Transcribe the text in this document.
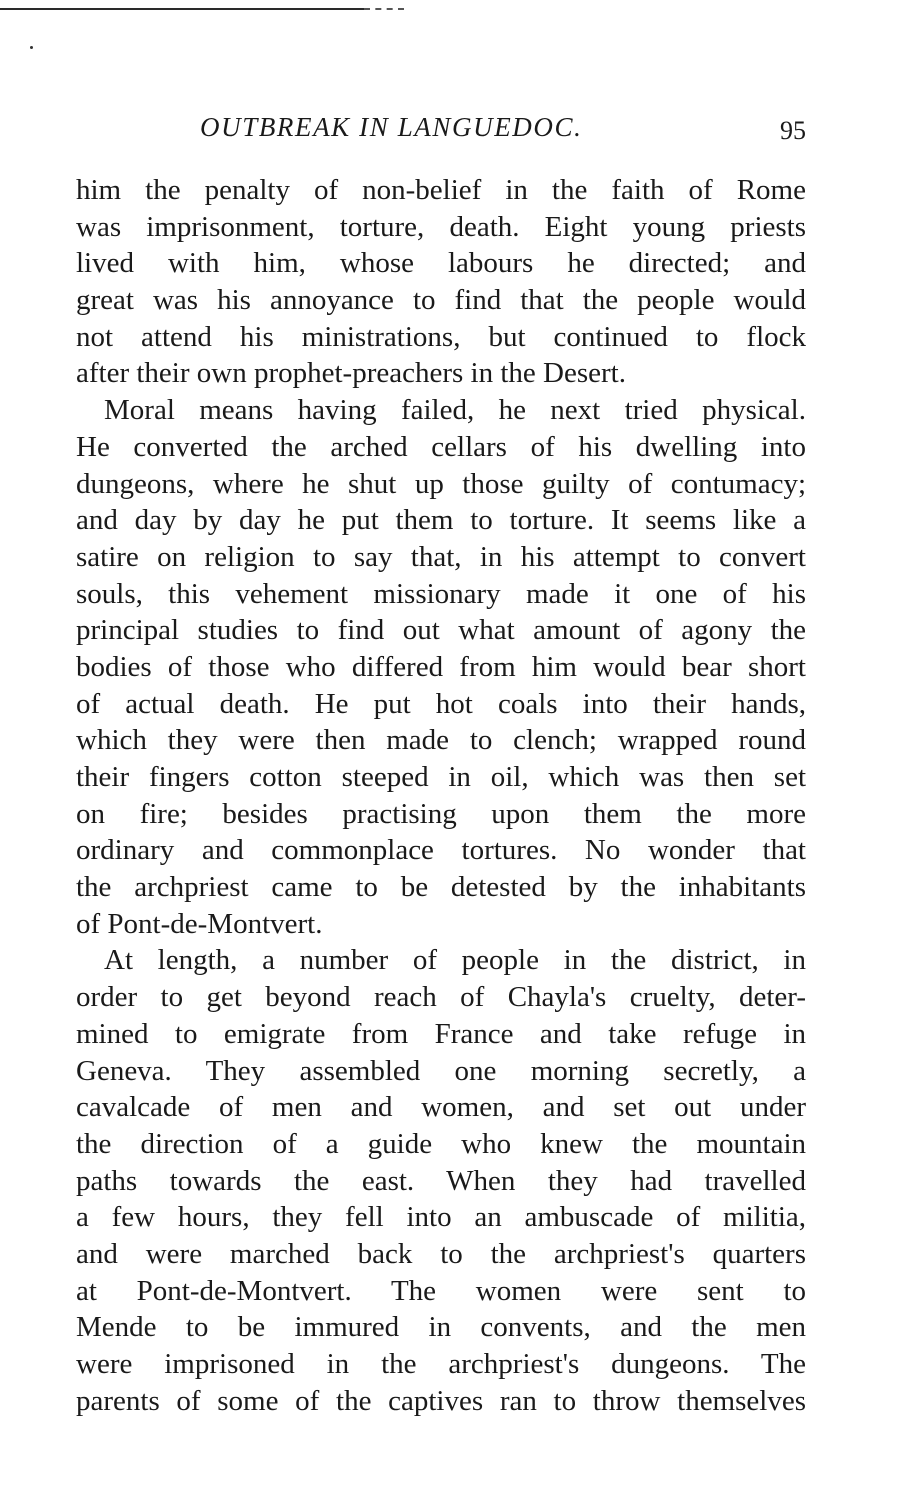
OUTBREAK IN LANGUEDOC.	95
him the penalty of non-belief in the faith of Rome
was imprisonment, torture, death. Eight young priests
lived with him, whose labours he directed; and
great was his annoyance to find that the people would
not attend his ministrations, but continued to flock
after their own prophet-preachers in the Desert.
Moral means having failed, he next tried physical.
He converted the arched cellars of his dwelling into
dungeons, where he shut up those guilty of contumacy;
and day by day he put them to torture. It seems like a
satire on religion to say that, in his attempt to convert
souls, this vehement missionary made it one of his
principal studies to find out what amount of agony the
bodies of those who differed from him would bear short
of actual death. He put hot coals into their hands,
which they were then made to clench; wrapped round
their fingers cotton steeped in oil, which was then set
on fire; besides practising upon them the more
ordinary and commonplace tortures. No wonder that
the archpriest came to be detested by the inhabitants
of Pont-de-Montvert.
At length, a number of people in the district, in
order to get beyond reach of Chayla's cruelty, deter-
mined to emigrate from France and take refuge in
Geneva. They assembled one morning secretly, a
cavalcade of men and women, and set out under
the direction of a guide who knew the mountain
paths towards the east. When they had travelled
a few hours, they fell into an ambuscade of militia,
and were marched back to the archpriest's quarters
at Pont-de-Montvert. The women were sent to
Mende to be immured in convents, and the men
were imprisoned in the archpriest's dungeons. The
parents of some of the captives ran to throw themselves
